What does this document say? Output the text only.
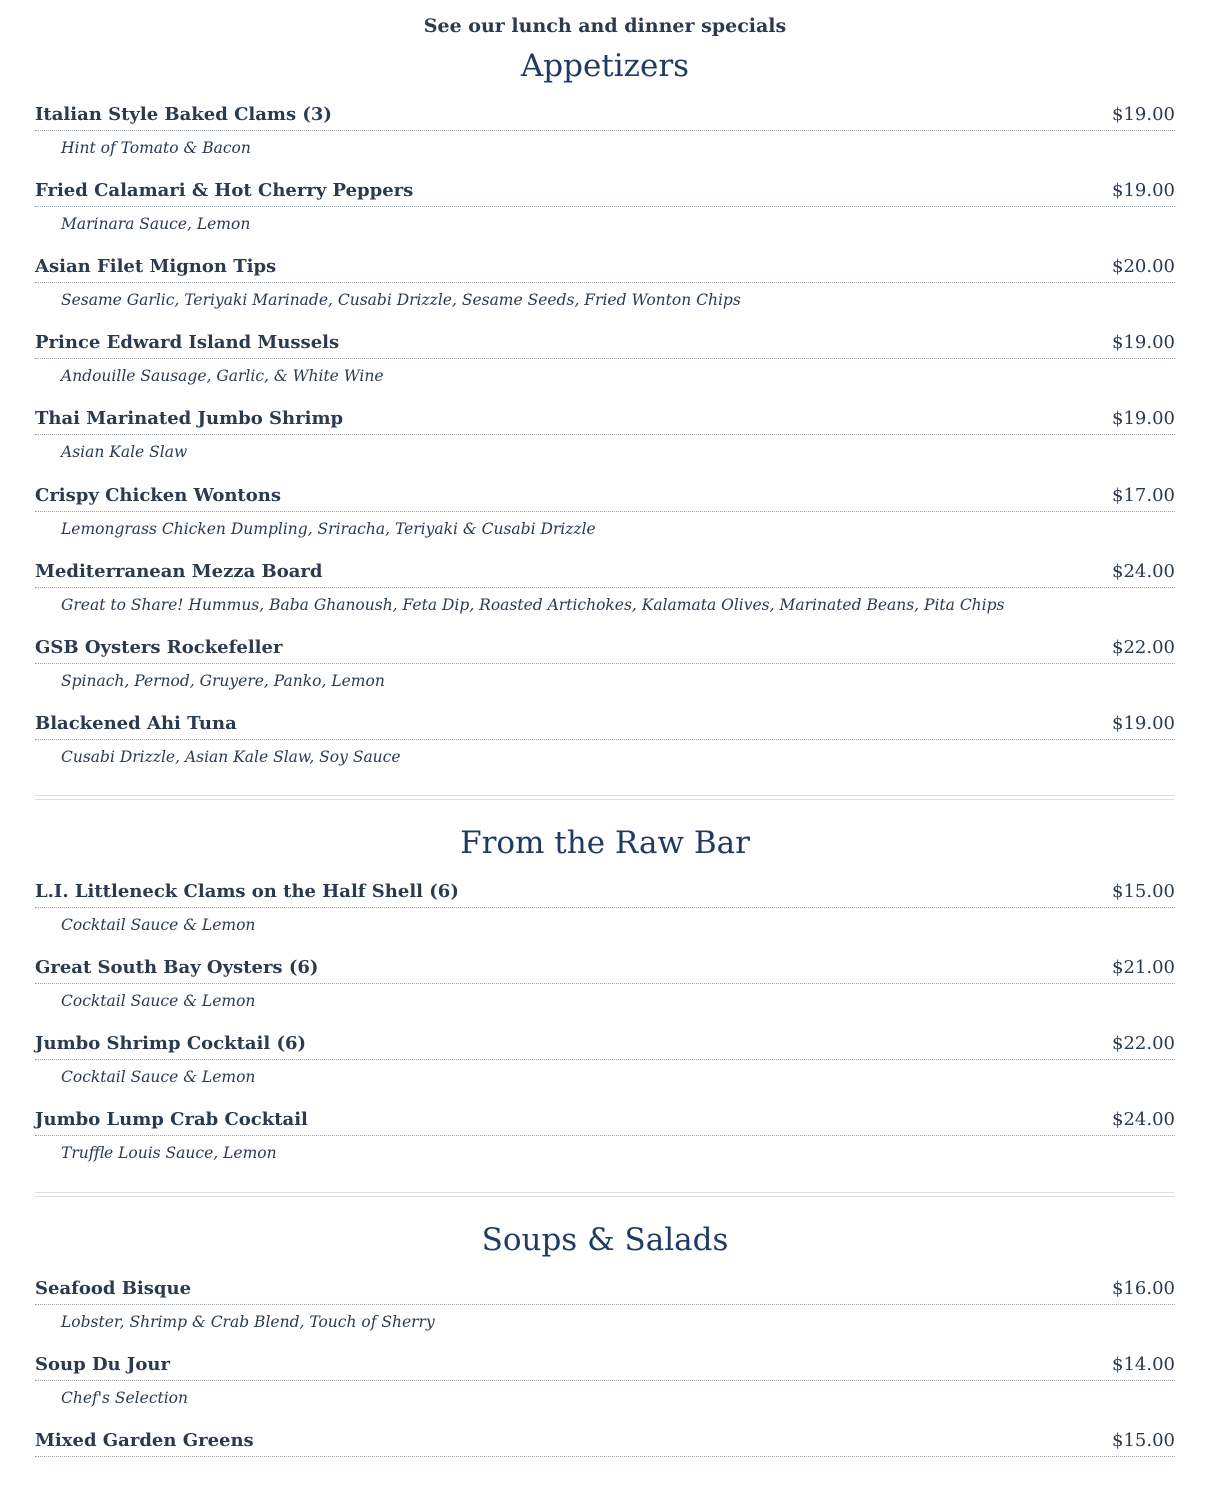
See our lunch and dinner specials
Appetizers
Italian Style Baked Clams (3)	$19.00
Hint of Tomato & Bacon
Fried Calamari & Hot Cherry Peppers	$19.00
Marinara Sauce, Lemon
Asian Filet Mignon Tips	$20.00
Sesame Garlic, Teriyaki Marinade, Cusabi Drizzle, Sesame Seeds, Fried Wonton Chips
Prince Edward Island Mussels	$19.00
Andouille Sausage, Garlic, & White Wine
Thai Marinated Jumbo Shrimp	$19.00
Asian Kale Slaw
Crispy Chicken Wontons	$17.00
Lemongrass Chicken Dumpling, Sriracha, Teriyaki & Cusabi Drizzle
Mediterranean Mezza Board	$24.00
Great to Share! Hummus, Baba Ghanoush, Feta Dip, Roasted Artichokes, Kalamata Olives, Marinated Beans, Pita Chips
GSB Oysters Rockefeller	$22.00
Spinach, Pernod, Gruyere, Panko, Lemon
Blackened Ahi Tuna	$19.00
Cusabi Drizzle, Asian Kale Slaw, Soy Sauce
From the Raw Bar
L.I. Littleneck Clams on the Half Shell (6)	$15.00
Cocktail Sauce & Lemon
Great South Bay Oysters (6)	$21.00
Cocktail Sauce & Lemon
Jumbo Shrimp Cocktail (6)	$22.00
Cocktail Sauce & Lemon
Jumbo Lump Crab Cocktail	$24.00
Truffle Louis Sauce, Lemon
Soups & Salads
Seafood Bisque	$16.00
Lobster, Shrimp & Crab Blend, Touch of Sherry
Soup Du Jour	$14.00
Chef's Selection
Mixed Garden Greens	$15.00
